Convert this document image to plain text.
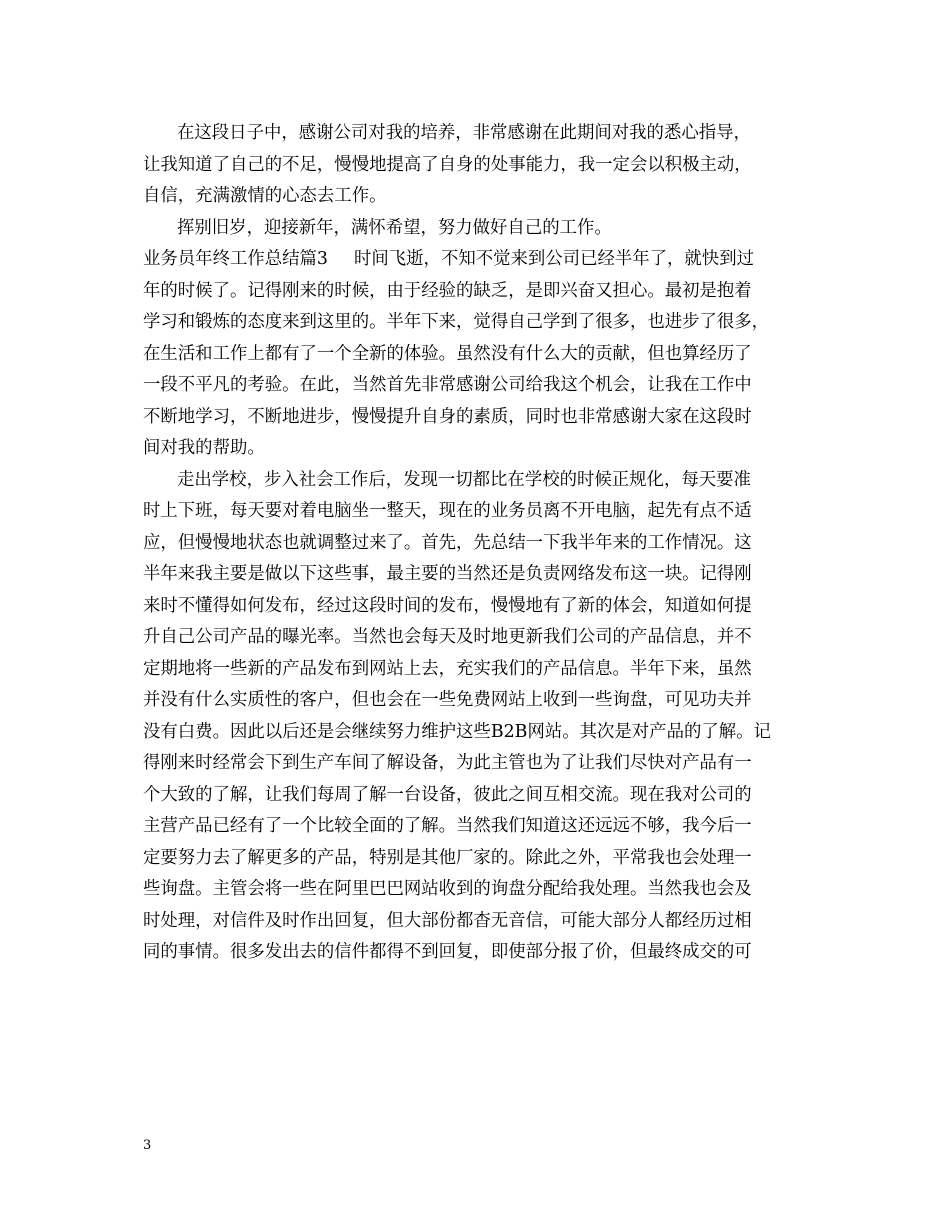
在这段日子中，感谢公司对我的培养，非常感谢在此期间对我的悉心指导，
让我知道了自己的不足，慢慢地提高了自身的处事能力，我一定会以积极主动，
自信，充满激情的心态去工作。
挥别旧岁，迎接新年，满怀希望，努力做好自己的工作。
业务员年终工作总结篇3 时间飞逝，不知不觉来到公司已经半年了，就快到过
年的时候了。记得刚来的时候，由于经验的缺乏，是即兴奋又担心。最初是抱着
学习和锻炼的态度来到这里的。半年下来，觉得自己学到了很多，也进步了很多，
在生活和工作上都有了一个全新的体验。虽然没有什么大的贡献，但也算经历了
一段不平凡的考验。在此，当然首先非常感谢公司给我这个机会，让我在工作中
不断地学习，不断地进步，慢慢提升自身的素质，同时也非常感谢大家在这段时
间对我的帮助。
走出学校，步入社会工作后，发现一切都比在学校的时候正规化，每天要准
时上下班，每天要对着电脑坐一整天，现在的业务员离不开电脑，起先有点不适
应，但慢慢地状态也就调整过来了。首先，先总结一下我半年来的工作情况。这
半年来我主要是做以下这些事，最主要的当然还是负责网络发布这一块。记得刚
来时不懂得如何发布，经过这段时间的发布，慢慢地有了新的体会，知道如何提
升自己公司产品的曝光率。当然也会每天及时地更新我们公司的产品信息，并不
定期地将一些新的产品发布到网站上去，充实我们的产品信息。半年下来，虽然
并没有什么实质性的客户，但也会在一些免费网站上收到一些询盘，可见功夫并
没有白费。因此以后还是会继续努力维护这些B2B网站。其次是对产品的了解。记
得刚来时经常会下到生产车间了解设备，为此主管也为了让我们尽快对产品有一
个大致的了解，让我们每周了解一台设备，彼此之间互相交流。现在我对公司的
主营产品已经有了一个比较全面的了解。当然我们知道这还远远不够，我今后一
定要努力去了解更多的产品，特别是其他厂家的。除此之外，平常我也会处理一
些询盘。主管会将一些在阿里巴巴网站收到的询盘分配给我处理。当然我也会及
时处理，对信件及时作出回复，但大部份都杳无音信，可能大部分人都经历过相
同的事情。很多发出去的信件都得不到回复，即使部分报了价，但最终成交的可
3
